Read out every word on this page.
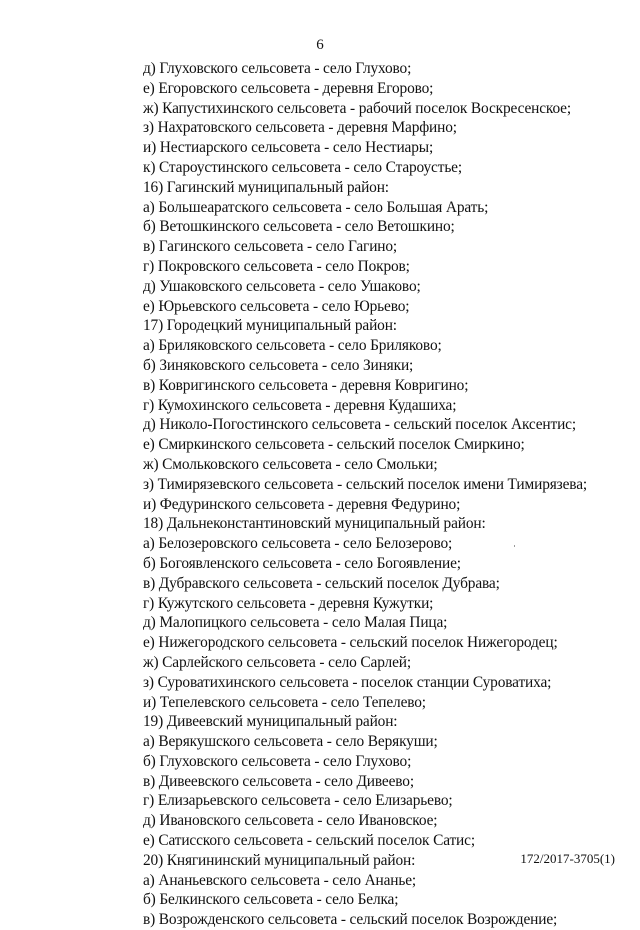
6
д) Глуховского сельсовета - село Глухово;
е) Егоровского сельсовета - деревня Егорово;
ж) Капустихинского сельсовета - рабочий поселок Воскресенское;
з) Нахратовского сельсовета - деревня Марфино;
и) Нестиарского сельсовета - село Нестиары;
к) Староустинского сельсовета - село Староустье;
16) Гагинский муниципальный район:
а) Большеаратского сельсовета - село Большая Арать;
б) Ветошкинского сельсовета - село Ветошкино;
в) Гагинского сельсовета - село Гагино;
г) Покровского сельсовета - село Покров;
д) Ушаковского сельсовета - село Ушаково;
е) Юрьевского сельсовета - село Юрьево;
17) Городецкий муниципальный район:
а) Бриляковского сельсовета - село Бриляково;
б) Зиняковского сельсовета - село Зиняки;
в) Ковригинского сельсовета - деревня Ковригино;
г) Кумохинского сельсовета - деревня Кудашиха;
д) Николо-Погостинского сельсовета - сельский поселок Аксентис;
е) Смиркинского сельсовета - сельский поселок Смиркино;
ж) Смольковского сельсовета - село Смольки;
з) Тимирязевского сельсовета - сельский поселок имени Тимирязева;
и) Федуринского сельсовета - деревня Федурино;
18) Дальнеконстантиновский муниципальный район:
а) Белозеровского сельсовета - село Белозерово;
б) Богоявленского сельсовета - село Богоявление;
в) Дубравского сельсовета - сельский поселок Дубрава;
г) Кужутского сельсовета - деревня Кужутки;
д) Малопицкого сельсовета - село Малая Пица;
е) Нижегородского сельсовета - сельский поселок Нижегородец;
ж) Сарлейского сельсовета - село Сарлей;
з) Суроватихинского сельсовета - поселок станции Суроватиха;
и) Тепелевского сельсовета - село Тепелево;
19) Дивеевский муниципальный район:
а) Верякушского сельсовета - село Верякуши;
б) Глуховского сельсовета - село Глухово;
в) Дивеевского сельсовета - село Дивеево;
г) Елизарьевского сельсовета - село Елизарьево;
д) Ивановского сельсовета - село Ивановское;
е) Сатисского сельсовета - сельский поселок Сатис;
20) Княгининский муниципальный район:
а) Ананьевского сельсовета - село Ананье;
б) Белкинского сельсовета - село Белка;
в) Возрожденского сельсовета - сельский поселок Возрождение;
172/2017-3705(1)
